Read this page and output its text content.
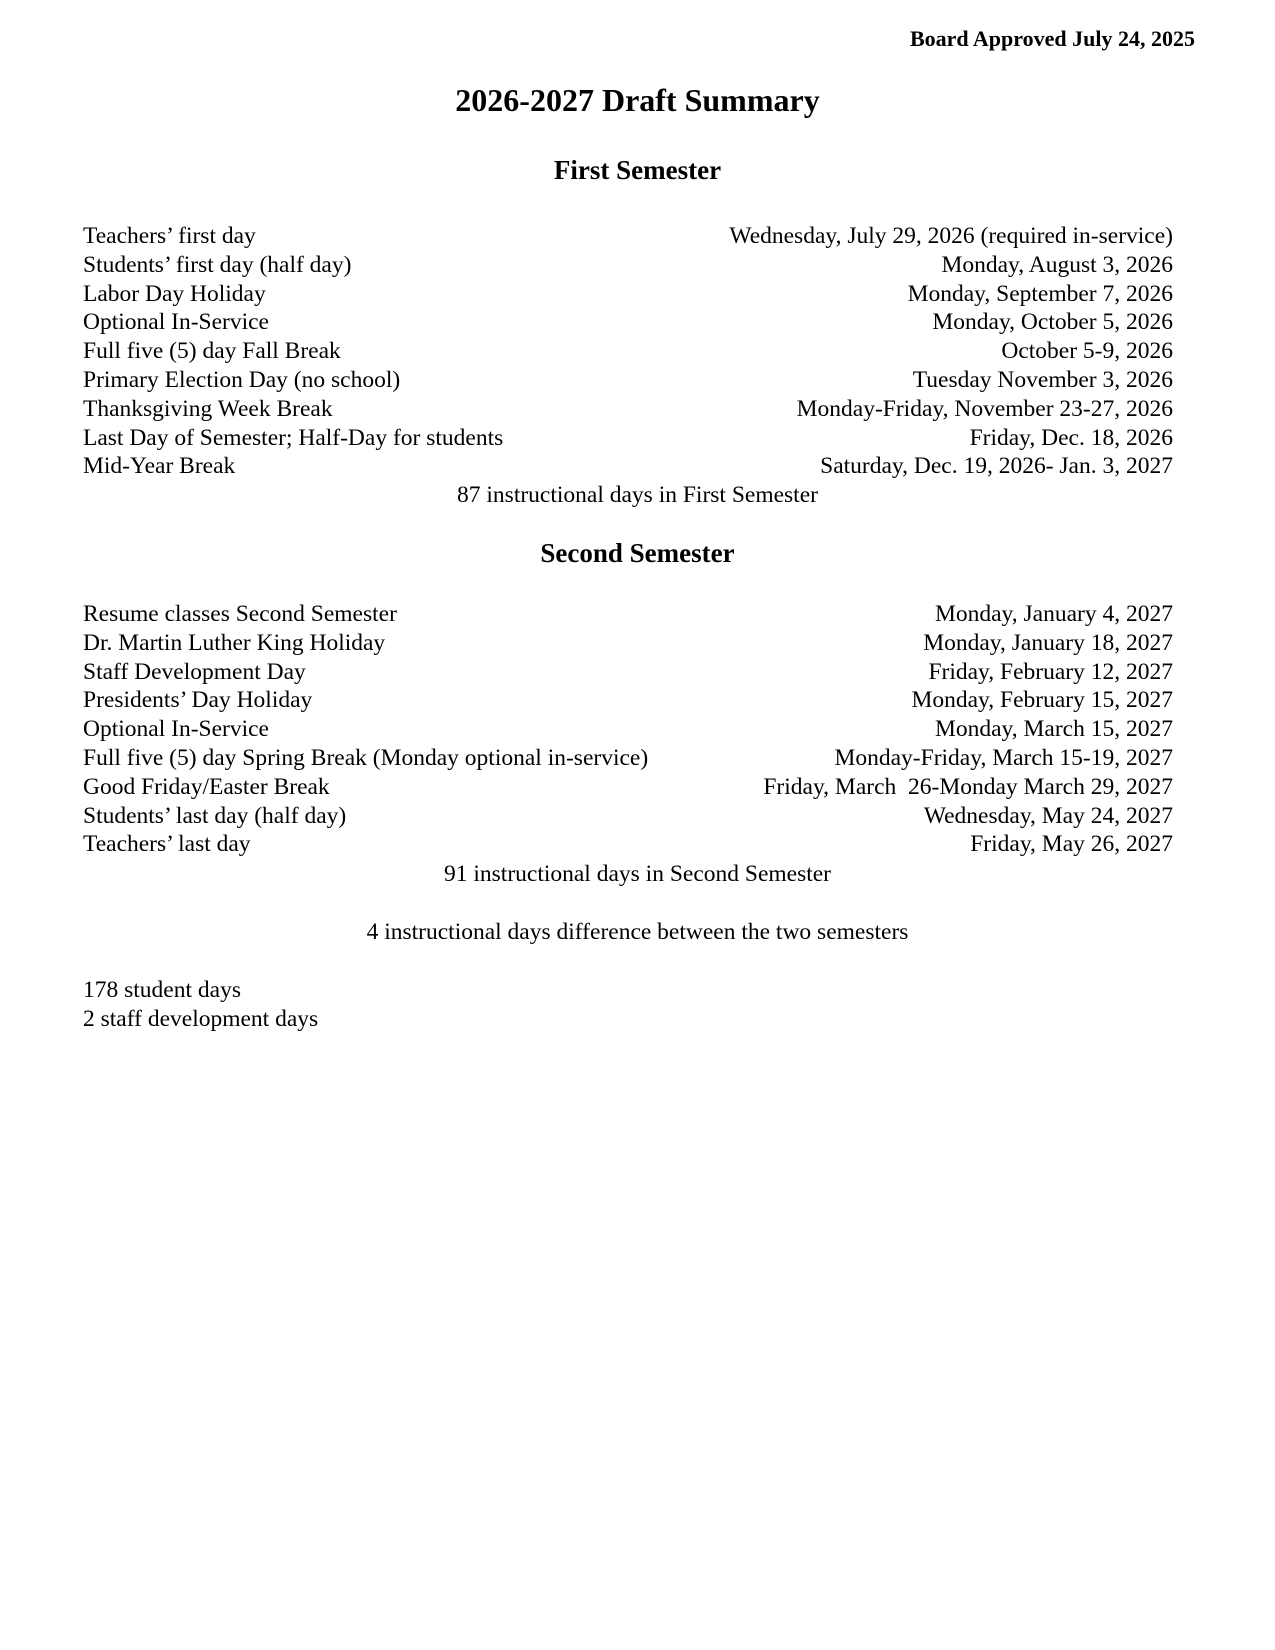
Board Approved July 24, 2025
2026-2027 Draft Summary
First Semester
Teachers’ first day	Wednesday, July 29, 2026 (required in-service)
Students’ first day (half day)	Monday, August 3, 2026
Labor Day Holiday	Monday, September 7, 2026
Optional In-Service	Monday, October 5, 2026
Full five (5) day Fall Break	October 5-9, 2026
Primary Election Day (no school)	Tuesday November 3, 2026
Thanksgiving Week Break	Monday-Friday, November 23-27, 2026
Last Day of Semester; Half-Day for students	Friday, Dec. 18, 2026
Mid-Year Break	Saturday, Dec. 19, 2026- Jan. 3, 2027
87 instructional days in First Semester
Second Semester
Resume classes Second Semester	Monday, January 4, 2027
Dr. Martin Luther King Holiday	Monday, January 18, 2027
Staff Development Day	Friday, February 12, 2027
Presidents’ Day Holiday	Monday, February 15, 2027
Optional In-Service	Monday, March 15, 2027
Full five (5) day Spring Break (Monday optional in-service)	Monday-Friday, March 15-19, 2027
Good Friday/Easter Break	Friday, March  26-Monday March 29, 2027
Students’ last day (half day)	Wednesday, May 24, 2027
Teachers’ last day	Friday, May 26, 2027
91 instructional days in Second Semester
4 instructional days difference between the two semesters
178 student days
2 staff development days
